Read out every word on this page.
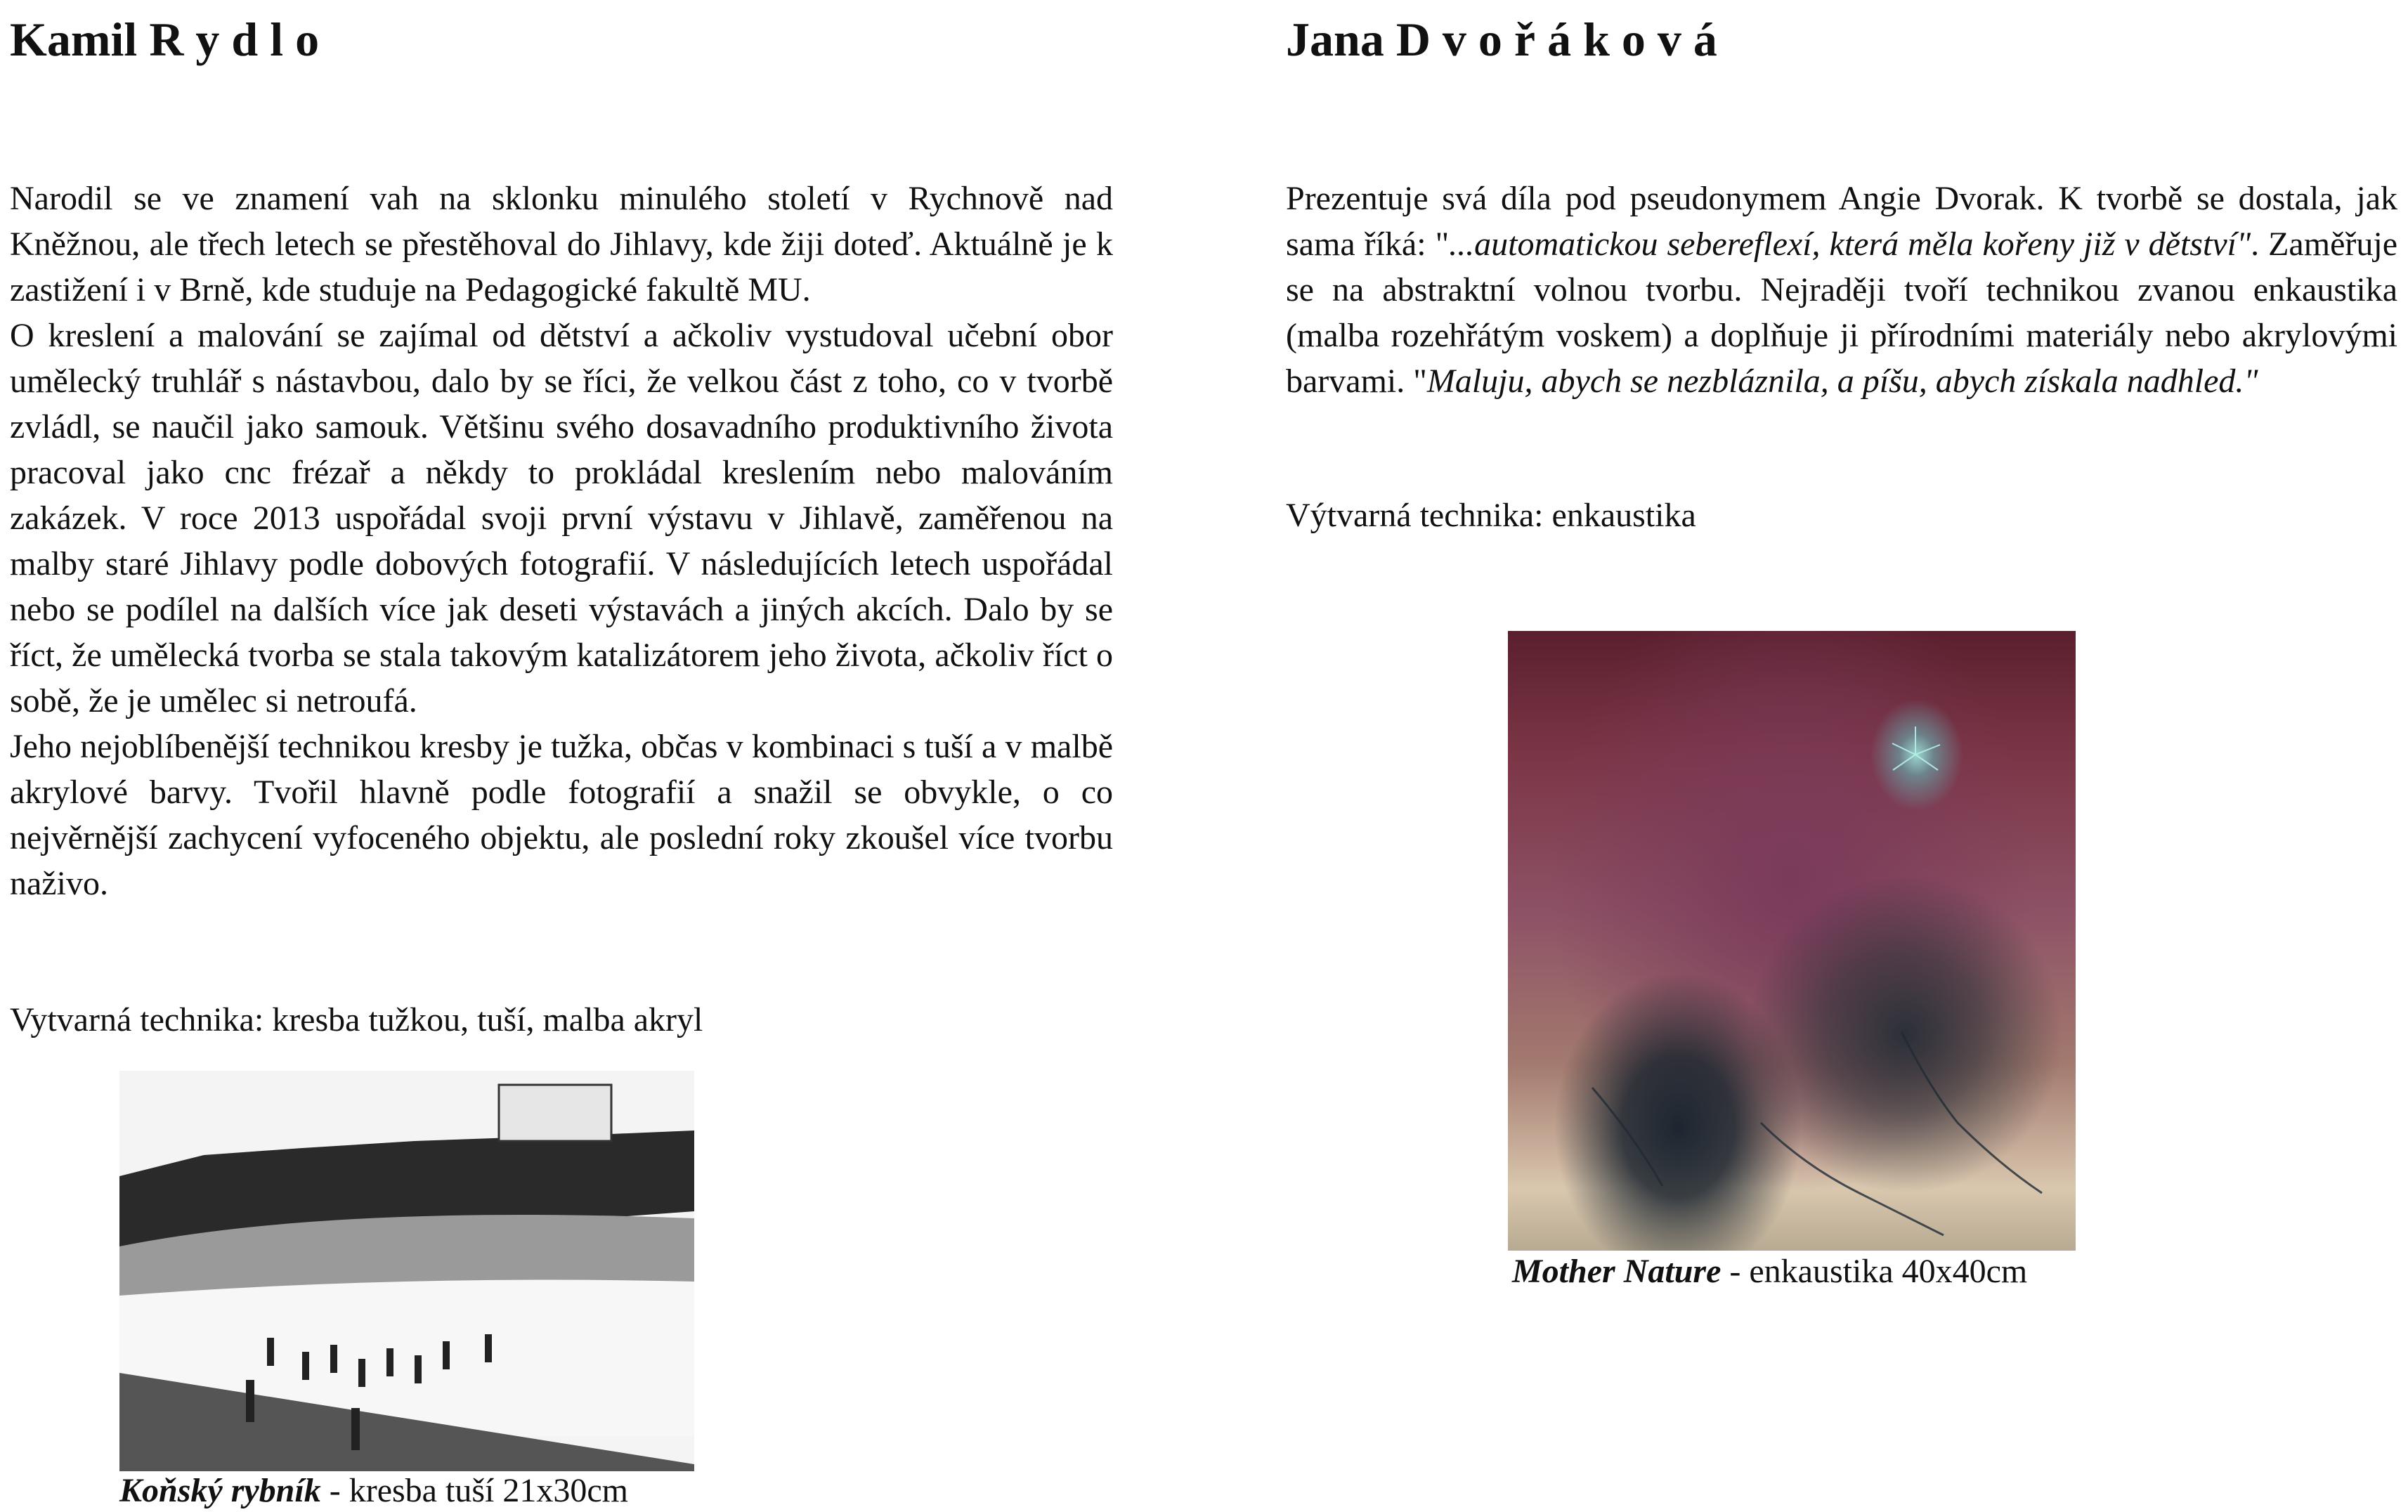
Kamil R y d l o

Narodil se ve znamení vah na sklonku minulého století v Rychnově nad Kněžnou, ale třech letech se přestěhoval do Jihlavy, kde žiji doteď. Aktuálně je k zastižení i v Brně, kde studuje na Pedagogické fakultě MU.

O kreslení a malování se zajímal od dětství a ačkoliv vystudoval učební obor umělecký truhlář s nástavbou, dalo by se říci, že velkou část z toho, co v tvorbě zvládl, se naučil jako samouk. Většinu svého dosavadního produktivního života pracoval jako cnc frézař a někdy to prokládal kreslením nebo malováním zakázek. V roce 2013 uspořádal svoji první výstavu v Jihlavě, zaměřenou na malby staré Jihlavy podle dobových fotografií. V následujících letech uspořádal nebo se podílel na dalších více jak deseti výstavách a jiných akcích. Dalo by se říct, že umělecká tvorba se stala takovým katalizátorem jeho života, ačkoliv říct o sobě, že je umělec si netroufá.

Jeho nejoblíbenější technikou kresby je tužka, občas v kombinaci s tuší a v malbě akrylové barvy. Tvořil hlavně podle fotografií a snažil se obvykle, o co nejvěrnější zachycení vyfoceného objektu, ale poslední roky zkoušel více tvorbu naživo.

Vytvarná technika: kresba tužkou, tuší, malba akryl

Koňský rybník - kresba tuší 21x30cm

Jana D v o ř á k o v á

Prezentuje svá díla pod pseudonymem Angie Dvorak. K tvorbě se dostala, jak sama říká: "...automatickou sebereflexí, která měla kořeny již v dětství". Zaměřuje se na abstraktní volnou tvorbu. Nejraději tvoří technikou zvanou enkaustika (malba rozehřátým voskem) a doplňuje ji přírodními materiály nebo akrylovými barvami. "Maluju, abych se nezbláznila, a píšu, abych získala nadhled."

Výtvarná technika: enkaustika

Mother Nature - enkaustika 40x40cm
